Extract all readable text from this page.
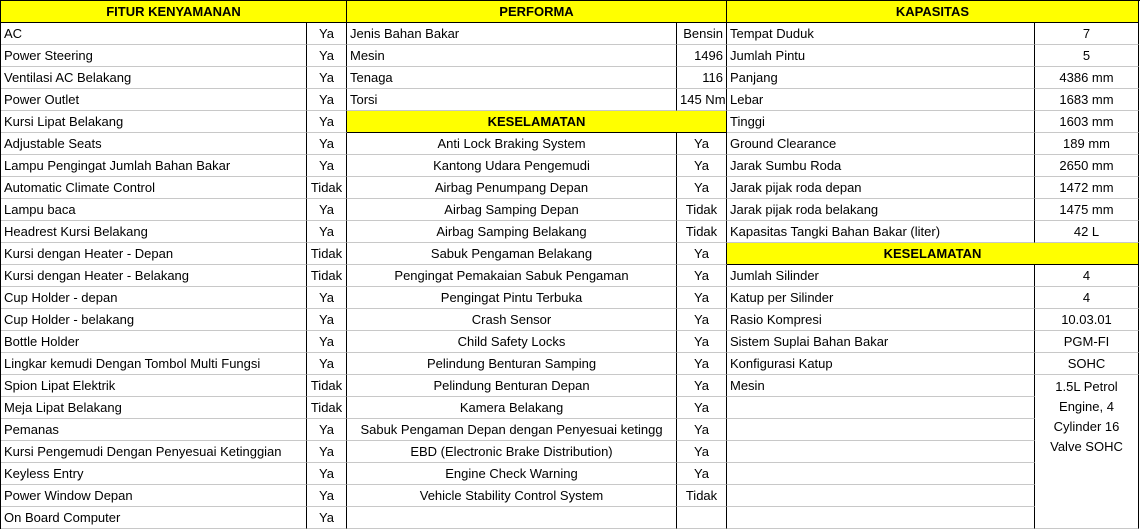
FITUR KENYAMANAN	PERFORMA	KAPASITAS
AC	Ya
Power Steering	Ya
Ventilasi AC Belakang	Ya
Power Outlet	Ya
Kursi Lipat Belakang	Ya
Adjustable Seats	Ya
Lampu Pengingat Jumlah Bahan Bakar	Ya
Automatic Climate Control	Tidak
Lampu baca	Ya
Headrest Kursi Belakang	Ya
Kursi dengan Heater - Depan	Tidak
Kursi dengan Heater - Belakang	Tidak
Cup Holder - depan	Ya
Cup Holder - belakang	Ya
Bottle Holder	Ya
Lingkar kemudi Dengan Tombol Multi Fungsi	Ya
Spion Lipat Elektrik	Tidak
Meja Lipat Belakang	Tidak
Pemanas	Ya
Kursi Pengemudi Dengan Penyesuai Ketinggian	Ya
Keyless Entry	Ya
Power Window Depan	Ya
On Board Computer	Ya
Jenis Bahan Bakar	Bensin
Mesin	1496
Tenaga	116
Torsi	145 Nm
KESELAMATAN
Anti Lock Braking System	Ya
Kantong Udara Pengemudi	Ya
Airbag Penumpang Depan	Ya
Airbag Samping Depan	Tidak
Airbag Samping Belakang	Tidak
Sabuk Pengaman Belakang	Ya
Pengingat Pemakaian Sabuk Pengaman	Ya
Pengingat Pintu Terbuka	Ya
Crash Sensor	Ya
Child Safety Locks	Ya
Pelindung Benturan Samping	Ya
Pelindung Benturan Depan	Ya
Kamera Belakang	Ya
Sabuk Pengaman Depan dengan Penyesuai ketingg	Ya
EBD (Electronic Brake Distribution)	Ya
Engine Check Warning	Ya
Vehicle Stability Control System	Tidak
Tempat Duduk	7
Jumlah Pintu	5
Panjang	4386 mm
Lebar	1683 mm
Tinggi	1603 mm
Ground Clearance	189 mm
Jarak Sumbu Roda	2650 mm
Jarak pijak roda depan	1472 mm
Jarak pijak roda belakang	1475 mm
Kapasitas Tangki Bahan Bakar (liter)	42 L
KESELAMATAN
Jumlah Silinder	4
Katup per Silinder	4
Rasio Kompresi	10.03.01
Sistem Suplai Bahan Bakar	PGM-FI
Konfigurasi Katup	SOHC
Mesin	1.5L Petrol Engine, 4 Cylinder 16 Valve SOHC
